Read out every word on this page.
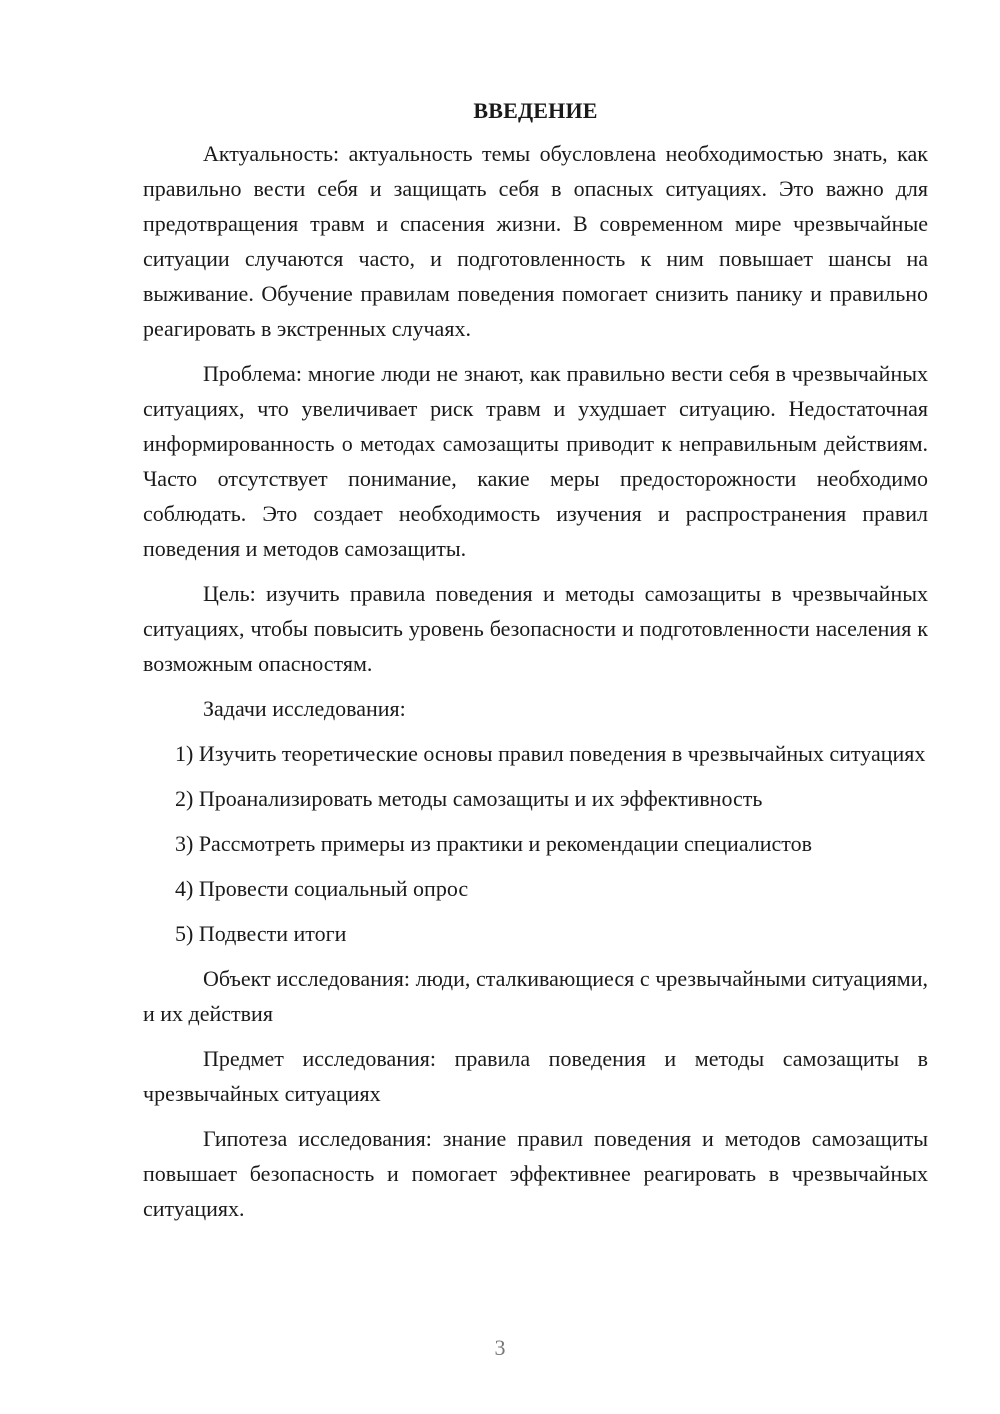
ВВЕДЕНИЕ

Актуальность: актуальность темы обусловлена необходимостью знать, как правильно вести себя и защищать себя в опасных ситуациях. Это важно для предотвращения травм и спасения жизни. В современном мире чрезвычайные ситуации случаются часто, и подготовленность к ним повышает шансы на выживание. Обучение правилам поведения помогает снизить панику и правильно реагировать в экстренных случаях.

Проблема: многие люди не знают, как правильно вести себя в чрезвычайных ситуациях, что увеличивает риск травм и ухудшает ситуацию. Недостаточная информированность о методах самозащиты приводит к неправильным действиям. Часто отсутствует понимание, какие меры предосторожности необходимо соблюдать. Это создает необходимость изучения и распространения правил поведения и методов самозащиты.

Цель: изучить правила поведения и методы самозащиты в чрезвычайных ситуациях, чтобы повысить уровень безопасности и подготовленности населения к возможным опасностям.

Задачи исследования:

1) Изучить теоретические основы правил поведения в чрезвычайных ситуациях

2) Проанализировать методы самозащиты и их эффективность

3) Рассмотреть примеры из практики и рекомендации специалистов

4) Провести социальный опрос

5) Подвести итоги

Объект исследования: люди, сталкивающиеся с чрезвычайными ситуациями, и их действия

Предмет исследования: правила поведения и методы самозащиты в чрезвычайных ситуациях

Гипотеза исследования: знание правил поведения и методов самозащиты повышает безопасность и помогает эффективнее реагировать в чрезвычайных ситуациях.

3
